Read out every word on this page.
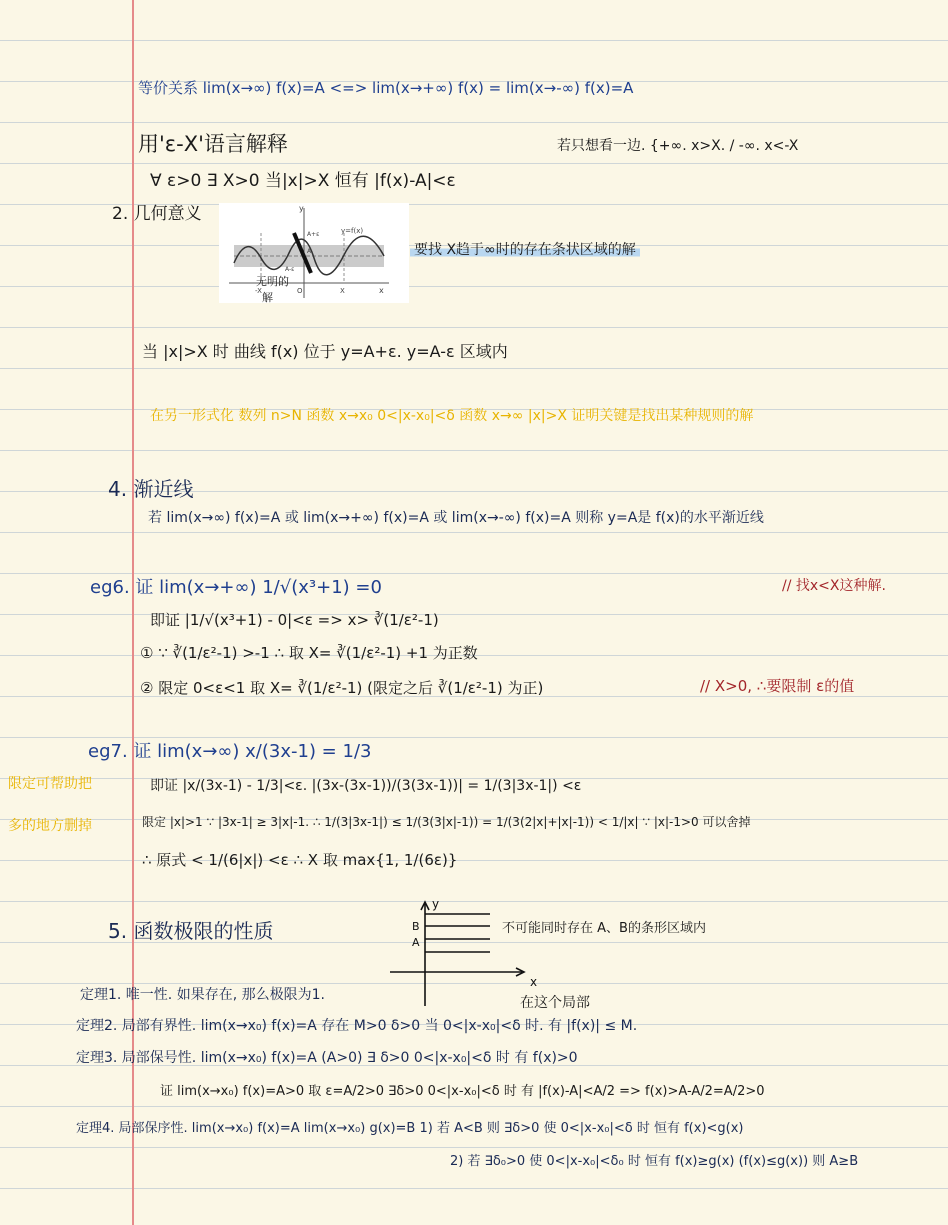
等价关系 lim(x→∞) f(x)=A <=> lim(x→+∞) f(x) = lim(x→-∞) f(x)=A
用'ε-X'语言解释	若只想看一边. {+∞. x>X. / -∞. x<-X
∀ ε>0 ∃ X>0 当|x|>X 恒有 |f(x)-A|<ε
2. 几何意义	y
x
y=f(x)
A+ε
A
A-ε
-X	O	X
无明的
解
要找 X趋于∞时的存在条状区域的解
当 |x|>X 时 曲线 f(x) 位于 y=A+ε. y=A-ε 区域内
在另一形式化 数列 n>N 函数 x→x₀ 0<|x-x₀|<δ 函数 x→∞ |x|>X 证明关键是找出某种规则的解
4. 渐近线
若 lim(x→∞) f(x)=A 或 lim(x→+∞) f(x)=A 或 lim(x→-∞) f(x)=A 则称 y=A是 f(x)的水平渐近线
eg6. 证 lim(x→+∞) 1/√(x³+1) =0	// 找x<X这种解.
即证 |1/√(x³+1) - 0|<ε => x> ∛(1/ε²-1)
① ∵ ∛(1/ε²-1) >-1 ∴ 取 X= ∛(1/ε²-1) +1 为正数
② 限定 0<ε<1 取 X= ∛(1/ε²-1) (限定之后 ∛(1/ε²-1) 为正)	// X>0, ∴要限制 ε的值
eg7. 证 lim(x→∞) x/(3x-1) = 1/3
限定可帮助把
多的地方删掉
即证 |x/(3x-1) - 1/3|<ε. |(3x-(3x-1))/(3(3x-1))| = 1/(3|3x-1|) <ε
限定 |x|>1 ∵ |3x-1| ≥ 3|x|-1. ∴ 1/(3|3x-1|) ≤ 1/(3(3|x|-1)) = 1/(3(2|x|+|x|-1)) < 1/|x| ∵ |x|-1>0 可以舍掉
∴ 原式 < 1/(6|x|) <ε ∴ X 取 max{1, 1/(6ε)}
5. 函数极限的性质
y
x
B
A
不可能同时存在 A、B的条形区域内
定理1. 唯一性. 如果存在, 那么极限为1.	在这个局部
定理2. 局部有界性. lim(x→x₀) f(x)=A 存在 M>0 δ>0 当 0<|x-x₀|<δ 时. 有 |f(x)| ≤ M.
定理3. 局部保号性. lim(x→x₀) f(x)=A (A>0) ∃ δ>0 0<|x-x₀|<δ 时 有 f(x)>0
证 lim(x→x₀) f(x)=A>0 取 ε=A/2>0 ∃δ>0 0<|x-x₀|<δ 时 有 |f(x)-A|<A/2 => f(x)>A-A/2=A/2>0
定理4. 局部保序性. lim(x→x₀) f(x)=A lim(x→x₀) g(x)=B 1) 若 A<B 则 ∃δ>0 使 0<|x-x₀|<δ 时 恒有 f(x)<g(x)
2) 若 ∃δ₀>0 使 0<|x-x₀|<δ₀ 时 恒有 f(x)≥g(x) (f(x)≤g(x)) 则 A≥B
